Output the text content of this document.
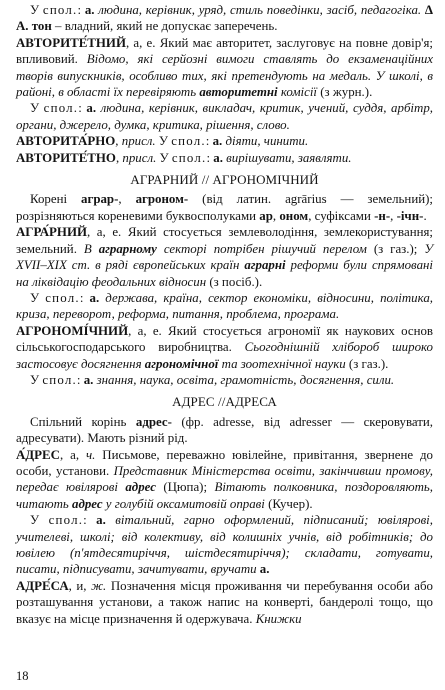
У спол.: а. людина, керівник, уряд, стиль поведінки, засіб, педагогіка. Δ А. тон – владний, який не допускає заперечень.

АВТОРИТЕ́ТНИЙ, а, е. Який має авторитет, заслуговує на повне довір'я; впливовий. Відомо, які серйозні вимоги ставлять до екзаменаційних творів випускників, особливо тих, які претендують на медаль. У школі, в районі, в області їх перевіряють авторитетні комісії (з журн.).

У спол.: а. людина, керівник, викладач, критик, учений, суддя, арбітр, органи, джерело, думка, критика, рішення, слово.

АВТОРИТА́РНО, присл. У спол.: а. діяти, чинити.

АВТОРИТЕ́ТНО, присл. У спол.: а. вирішувати, заявляти.

АГРАРНИЙ // АГРОНОМІЧНИЙ

Корені аграр-, агроном- (від латин. agrārius — земельний); розрізняються кореневими буквосполуками ар, оном, суфіксами -н-, -ічн-.

АГРА́РНИЙ, а, е. Який стосується землеволодіння, землекористування; земельний. В аграрному секторі потрібен рішучий перелом (з газ.); У XVII–XIX ст. в ряді європейських країн аграрні реформи були спрямовані на ліквідацію феодальних відносин (з посіб.).

У спол.: а. держава, країна, сектор економіки, відносини, політика, криза, переворот, реформа, питання, проблема, програма.

АГРОНОМІ́ЧНИЙ, а, е. Який стосується агрономії як наукових основ сільськогосподарського виробництва. Сьогоднішній хлібороб широко застосовує досягнення агрономічної та зоотехнічної науки (з газ.).

У спол.: а. знання, наука, освіта, грамотність, досягнення, сили.

АДРЕС //АДРЕСА

Спільний корінь адрес- (фр. adresse, від adresser — скеровувати, адресувати). Мають різний рід.

А́ДРЕС, а, ч. Письмове, переважно ювілейне, привітання, звернене до особи, установи. Представник Міністерства освіти, закінчивши промову, передає ювілярові адрес (Цюпа); Вітають полковника, поздоровляють, читають адрес у голубій оксамитовій оправі (Кучер).

У спол.: а. вітальний, гарно оформлений, підписаний; ювілярові, учителеві, школі; від колективу, від колишніх учнів, від робітників; до ювілею (п'ятдесятиріччя, шістдесятиріччя); складати, готувати, писати, підписувати, зачитувати, вручати а.

АДРЕ́СА, и, ж. Позначення місця проживання чи перебування особи або розташування установи, а також напис на конверті, бандеролі тощо, що вказує на місце призначення й одержувача. Книжки

18
